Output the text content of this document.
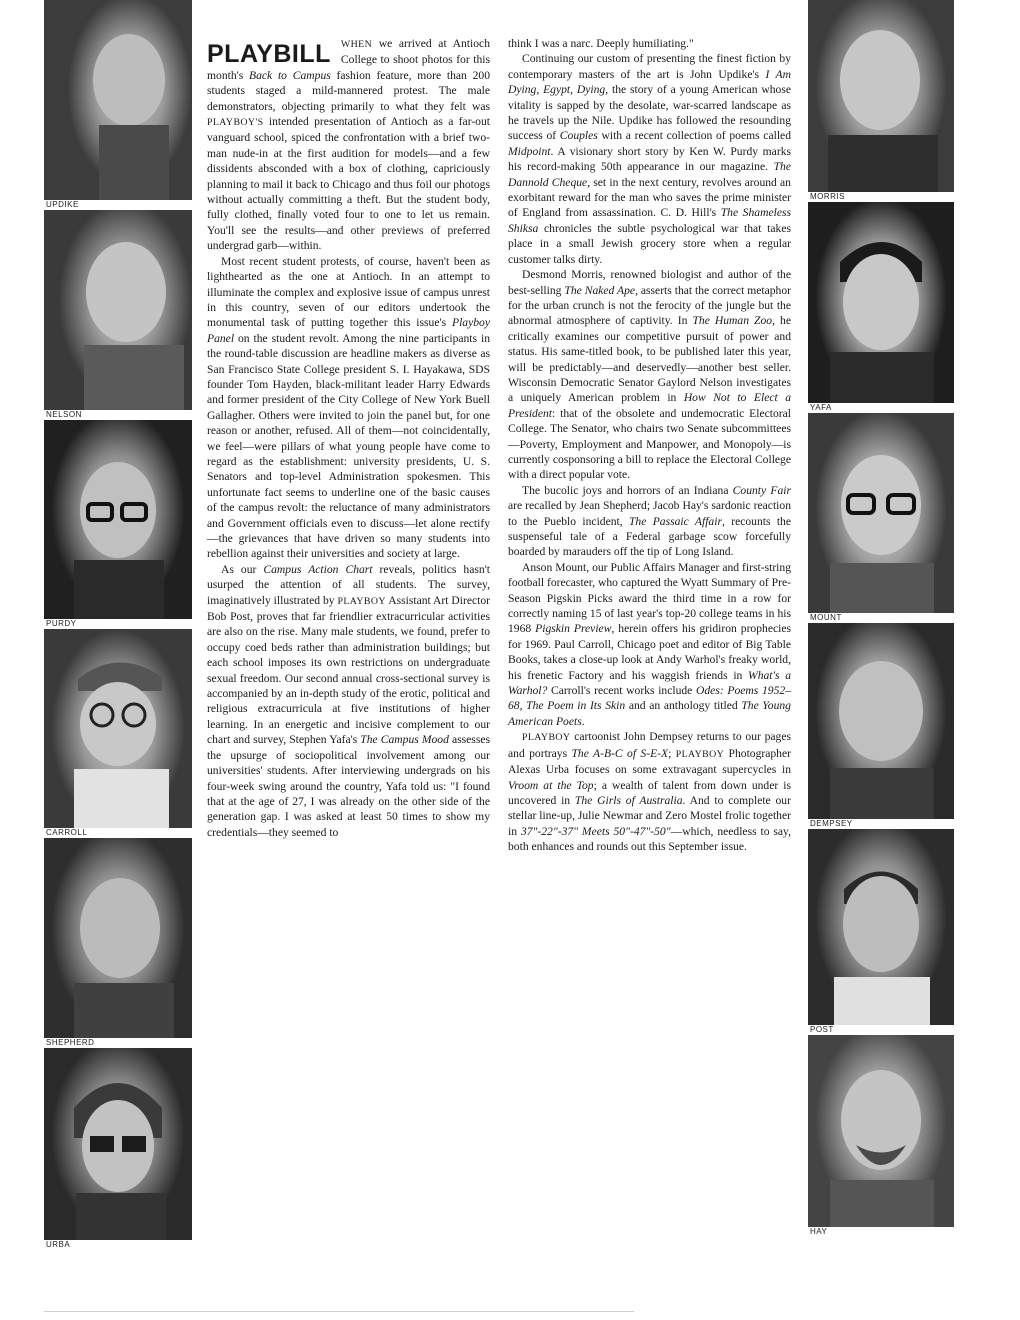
UPDIKE
NELSON
PURDY
CARROLL
SHEPHERD
URBA
MORRIS
YAFA
MOUNT
DEMPSEY
POST
HAY
PLAYBILL	WHEN we arrived at Antioch College to shoot photos for this month's Back to Campus fashion feature, more than 200 students staged a mild-mannered protest. The male demonstrators, objecting primarily to what they felt was PLAYBOY'S intended presentation of Antioch as a far-out vanguard school, spiced the confrontation with a brief two-man nude-in at the first audition for models—and a few dissidents absconded with a box of clothing, capriciously planning to mail it back to Chicago and thus foil our photogs without actually committing a theft. But the student body, fully clothed, finally voted four to one to let us remain. You'll see the results—and other previews of preferred undergrad garb—within.

Most recent student protests, of course, haven't been as lighthearted as the one at Antioch. In an attempt to illuminate the complex and explosive issue of campus unrest in this country, seven of our editors undertook the monumental task of putting together this issue's Playboy Panel on the student revolt. Among the nine participants in the round-table discussion are headline makers as diverse as San Francisco State College president S. I. Hayakawa, SDS founder Tom Hayden, black-militant leader Harry Edwards and former president of the City College of New York Buell Gallagher. Others were invited to join the panel but, for one reason or another, refused. All of them—not coincidentally, we feel—were pillars of what young people have come to regard as the establishment: university presidents, U. S. Senators and top-level Administration spokesmen. This unfortunate fact seems to underline one of the basic causes of the campus revolt: the reluctance of many administrators and Government officials even to discuss—let alone rectify—the grievances that have driven so many students into rebellion against their universities and society at large.

As our Campus Action Chart reveals, politics hasn't usurped the attention of all students. The survey, imaginatively illustrated by PLAYBOY Assistant Art Director Bob Post, proves that far friendlier extracurricular activities are also on the rise. Many male students, we found, prefer to occupy coed beds rather than administration buildings; but each school imposes its own restrictions on undergraduate sexual freedom. Our second annual cross-sectional survey is accompanied by an in-depth study of the erotic, political and religious extracurricula at five institutions of higher learning. In an energetic and incisive complement to our chart and survey, Stephen Yafa's The Campus Mood assesses the upsurge of sociopolitical involvement among our universities' students. After interviewing undergrads on his four-week swing around the country, Yafa told us: "I found that at the age of 27, I was already on the other side of the generation gap. I was asked at least 50 times to show my credentials—they seemed to

think I was a narc. Deeply humiliating."

Continuing our custom of presenting the finest fiction by contemporary masters of the art is John Updike's I Am Dying, Egypt, Dying, the story of a young American whose vitality is sapped by the desolate, war-scarred landscape as he travels up the Nile. Updike has followed the resounding success of Couples with a recent collection of poems called Midpoint. A visionary short story by Ken W. Purdy marks his record-making 50th appearance in our magazine. The Dannold Cheque, set in the next century, revolves around an exorbitant reward for the man who saves the prime minister of England from assassination. C. D. Hill's The Shameless Shiksa chronicles the subtle psychological war that takes place in a small Jewish grocery store when a regular customer talks dirty.

Desmond Morris, renowned biologist and author of the best-selling The Naked Ape, asserts that the correct metaphor for the urban crunch is not the ferocity of the jungle but the abnormal atmosphere of captivity. In The Human Zoo, he critically examines our competitive pursuit of power and status. His same-titled book, to be published later this year, will be predictably—and deservedly—another best seller. Wisconsin Democratic Senator Gaylord Nelson investigates a uniquely American problem in How Not to Elect a President: that of the obsolete and undemocratic Electoral College. The Senator, who chairs two Senate subcommittees—Poverty, Employment and Manpower, and Monopoly—is currently cosponsoring a bill to replace the Electoral College with a direct popular vote.

The bucolic joys and horrors of an Indiana County Fair are recalled by Jean Shepherd; Jacob Hay's sardonic reaction to the Pueblo incident, The Passaic Affair, recounts the suspenseful tale of a Federal garbage scow forcefully boarded by marauders off the tip of Long Island.

Anson Mount, our Public Affairs Manager and first-string football forecaster, who captured the Wyatt Summary of Pre-Season Pigskin Picks award the third time in a row for correctly naming 15 of last year's top-20 college teams in his 1968 Pigskin Preview, herein offers his gridiron prophecies for 1969. Paul Carroll, Chicago poet and editor of Big Table Books, takes a close-up look at Andy Warhol's freaky world, his frenetic Factory and his waggish friends in What's a Warhol? Carroll's recent works include Odes: Poems 1952–68, The Poem in Its Skin and an anthology titled The Young American Poets.

PLAYBOY cartoonist John Dempsey returns to our pages and portrays The A-B-C of S-E-X; PLAYBOY Photographer Alexas Urba focuses on some extravagant supercycles in Vroom at the Top; a wealth of talent from down under is uncovered in The Girls of Australia. And to complete our stellar line-up, Julie Newmar and Zero Mostel frolic together in 37"-22"-37" Meets 50"-47"-50"—which, needless to say, both enhances and rounds out this September issue.
